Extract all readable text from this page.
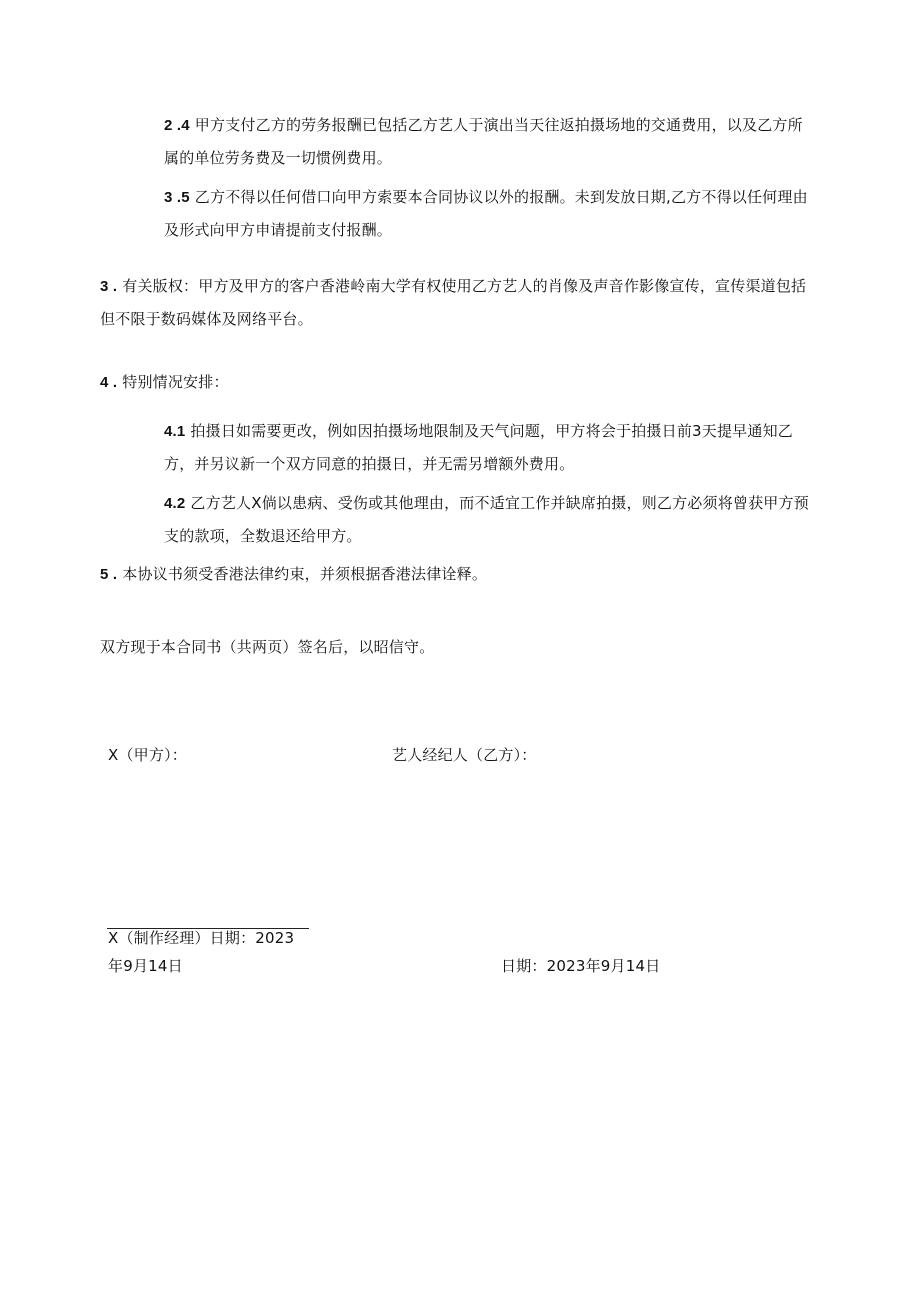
2 .4 甲方支付乙方的劳务报酬已包括乙方艺人于演出当天往返拍摄场地的交通费用，以及乙方所属的单位劳务费及一切惯例费用。
3 .5 乙方不得以任何借口向甲方索要本合同协议以外的报酬。未到发放日期,乙方不得以任何理由及形式向甲方申请提前支付报酬。
3 . 有关版权：甲方及甲方的客户香港岭南大学有权使用乙方艺人的肖像及声音作影像宣传，宣传渠道包括但不限于数码媒体及网络平台。
4 . 特别情况安排：
4.1 拍摄日如需要更改，例如因拍摄场地限制及天气问题，甲方将会于拍摄日前3天提早通知乙方，并另议新一个双方同意的拍摄日，并无需另增额外费用。
4.2 乙方艺人X倘以患病、受伤或其他理由，而不适宜工作并缺席拍摄，则乙方必须将曾获甲方预支的款项，全数退还给甲方。
5 . 本协议书须受香港法律约束，并须根据香港法律诠释。
双方现于本合同书（共两页）签名后，以昭信守。
X（甲方）：	艺人经纪人（乙方）：
X（制作经理）日期：2023
年9月14日	日期：2023年9月14日
